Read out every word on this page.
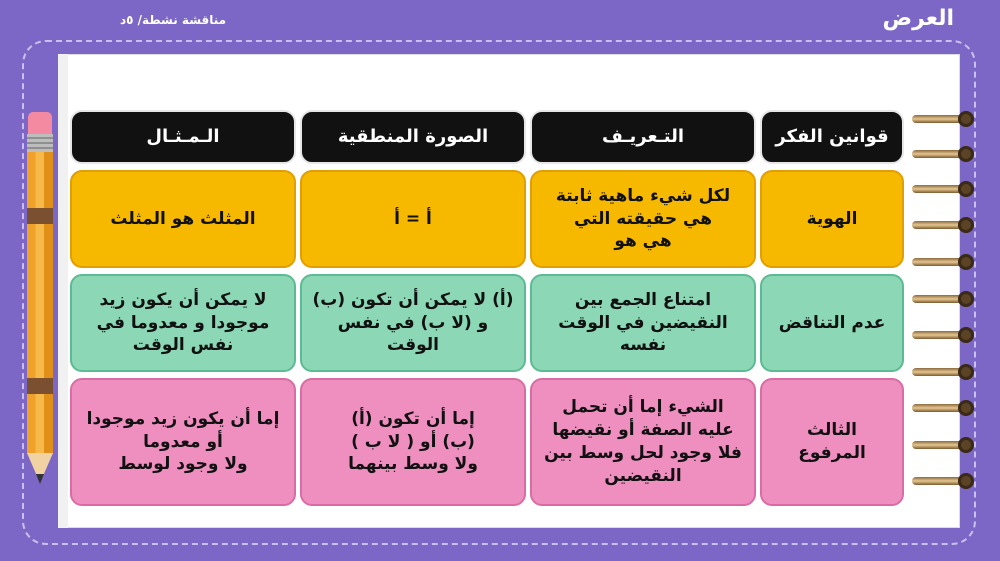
العرض
مناقشة نشطة/ ٥د
قوانين الفكر
التـعريـف
الصورة المنطقية
الـمـثـال
الهوية
لكل شيء ماهية ثابتة
هي حقيقته التي
هي هو
أ = أ
المثلث هو المثلث
عدم التناقض
امتناع الجمع بين
النقيضين في الوقت
نفسه
(أ) لا يمكن أن تكون (ب)
و (لا ب) في نفس الوقت
لا يمكن أن يكون زيد
موجودا و معدوما في
نفس الوقت
الثالث
المرفوع
الشيء إما أن تحمل
عليه الصفة أو نقيضها
فلا وجود لحل وسط بين
النقيضين
إما أن تكون (أ)
(ب) أو ( لا ب )
ولا وسط بينهما
إما أن يكون زيد موجودا
أو معدوما
ولا وجود لوسط
